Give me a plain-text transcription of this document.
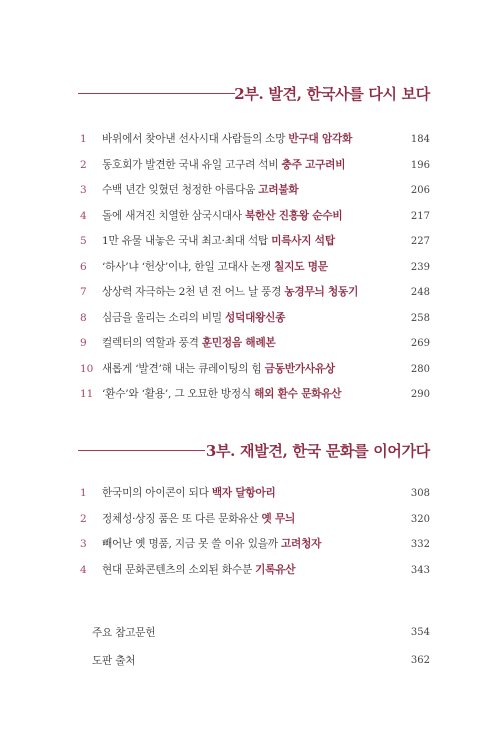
2부. 발견, 한국사를 다시 보다
1 바위에서 찾아낸 선사시대 사람들의 소망 반구대 암각화	184
2 동호회가 발견한 국내 유일 고구려 석비 충주 고구려비	196
3 수백 년간 잊혔던 청정한 아름다움 고려불화	206
4 돌에 새겨진 치열한 삼국시대사 북한산 진흥왕 순수비	217
5 1만 유물 내놓은 국내 최고·최대 석탑 미륵사지 석탑	227
6 ‘하사’냐 ‘헌상’이냐, 한일 고대사 논쟁 칠지도 명문	239
7 상상력 자극하는 2천 년 전 어느 날 풍경 농경무늬 청동기	248
8 심금을 울리는 소리의 비밀 성덕대왕신종	258
9 컬렉터의 역할과 풍격 훈민정음 해례본	269
10 새롭게 ‘발견’해 내는 큐레이팅의 힘 금동반가사유상	280
11 ‘환수’와 ‘활용’, 그 오묘한 방정식 해외 환수 문화유산	290
3부. 재발견, 한국 문화를 이어가다
1 한국미의 아이콘이 되다 백자 달항아리	308
2 정체성·상징 품은 또 다른 문화유산 옛 무늬	320
3 빼어난 옛 명품, 지금 못 쓸 이유 있을까 고려청자	332
4 현대 문화콘텐츠의 소외된 화수분 기록유산	343
주요 참고문헌	354
도판 출처	362
